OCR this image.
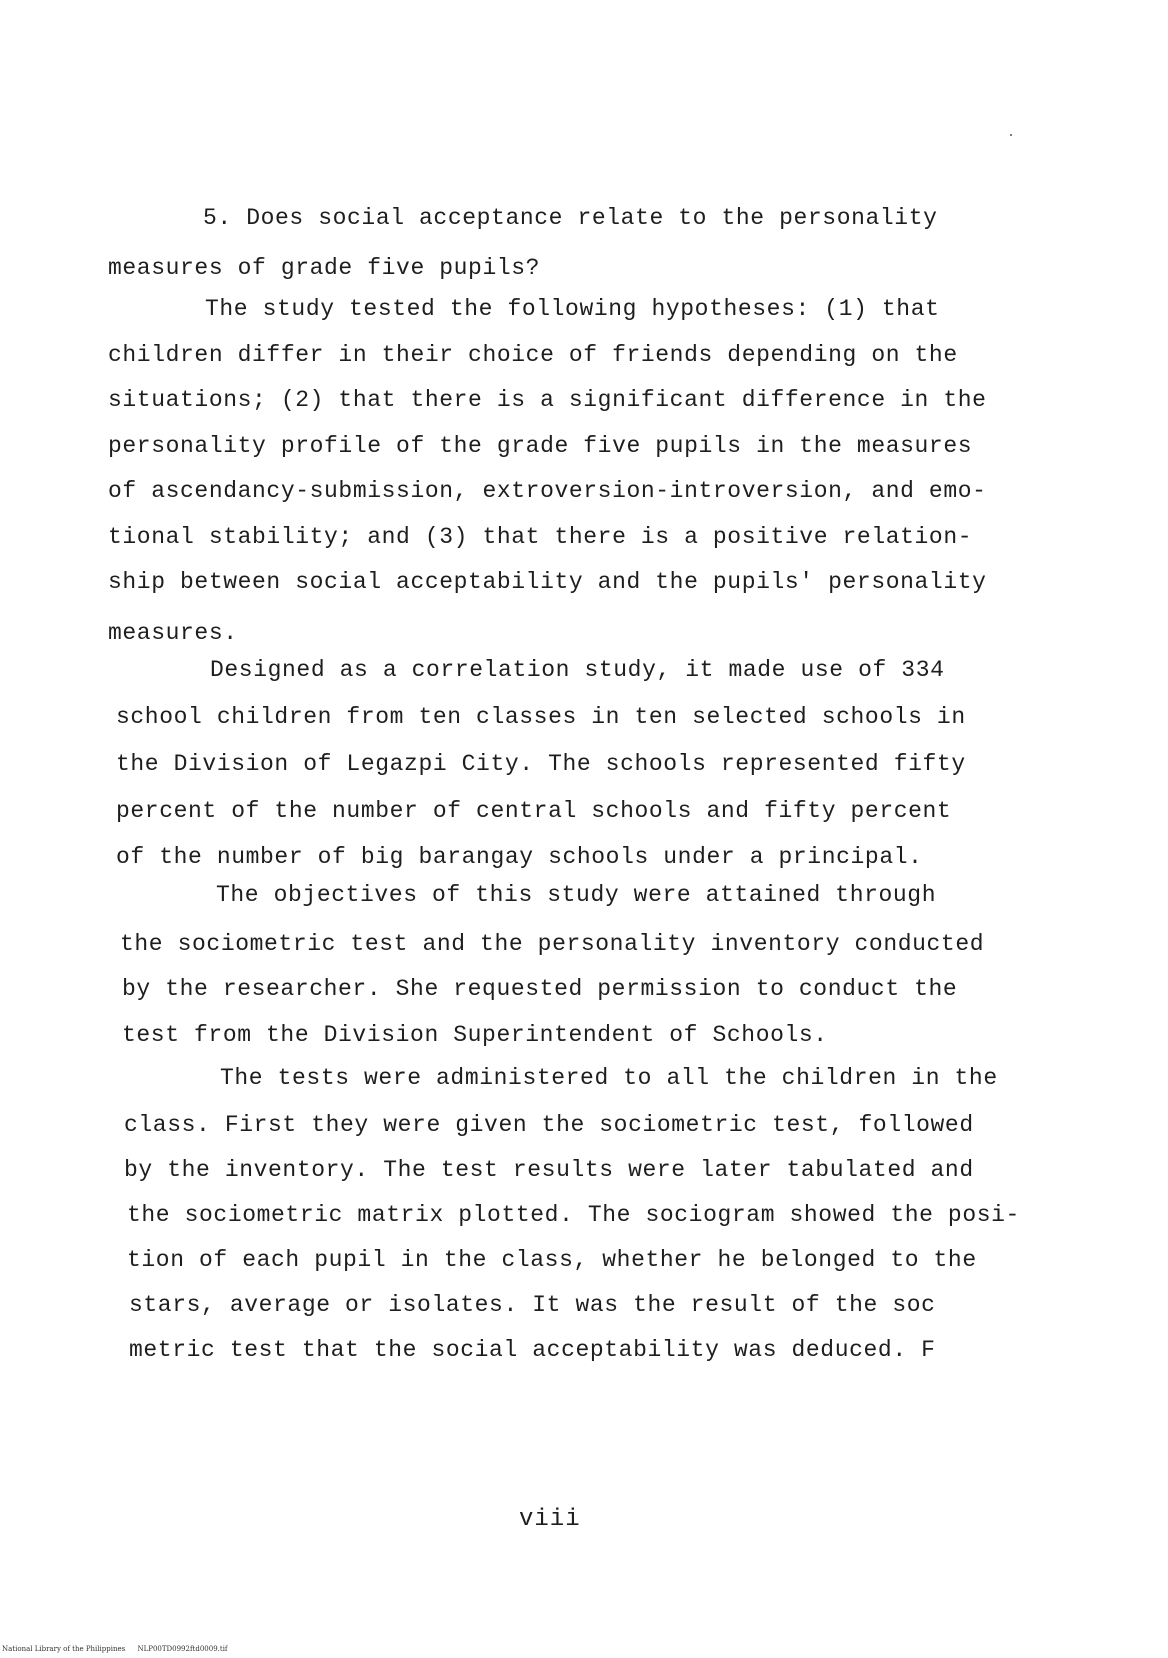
5. Does social acceptance relate to the personality
measures of grade five pupils?
The study tested the following hypotheses: (1) that
children differ in their choice of friends depending on the
situations; (2) that there is a significant difference in the
personality profile of the grade five pupils in the measures
of ascendancy-submission, extroversion-introversion, and emo-
tional stability; and (3) that there is a positive relation-
ship between social acceptability and the pupils' personality
measures.
Designed as a correlation study, it made use of 334
school children from ten classes in ten selected schools in
the Division of Legazpi City. The schools represented fifty
percent of the number of central schools and fifty percent
of the number of big barangay schools under a principal.
The objectives of this study were attained through
the sociometric test and the personality inventory conducted
by the researcher. She requested permission to conduct the
test from the Division Superintendent of Schools.
The tests were administered to all the children in the
class. First they were given the sociometric test, followed
by the inventory. The test results were later tabulated and
the sociometric matrix plotted. The sociogram showed the posi-
tion of each pupil in the class, whether he belonged to the
stars, average or isolates. It was the result of the soc
metric test that the social acceptability was deduced. F
viii
National Library of the Philippines NLP00TD0992ftd0009.tif
